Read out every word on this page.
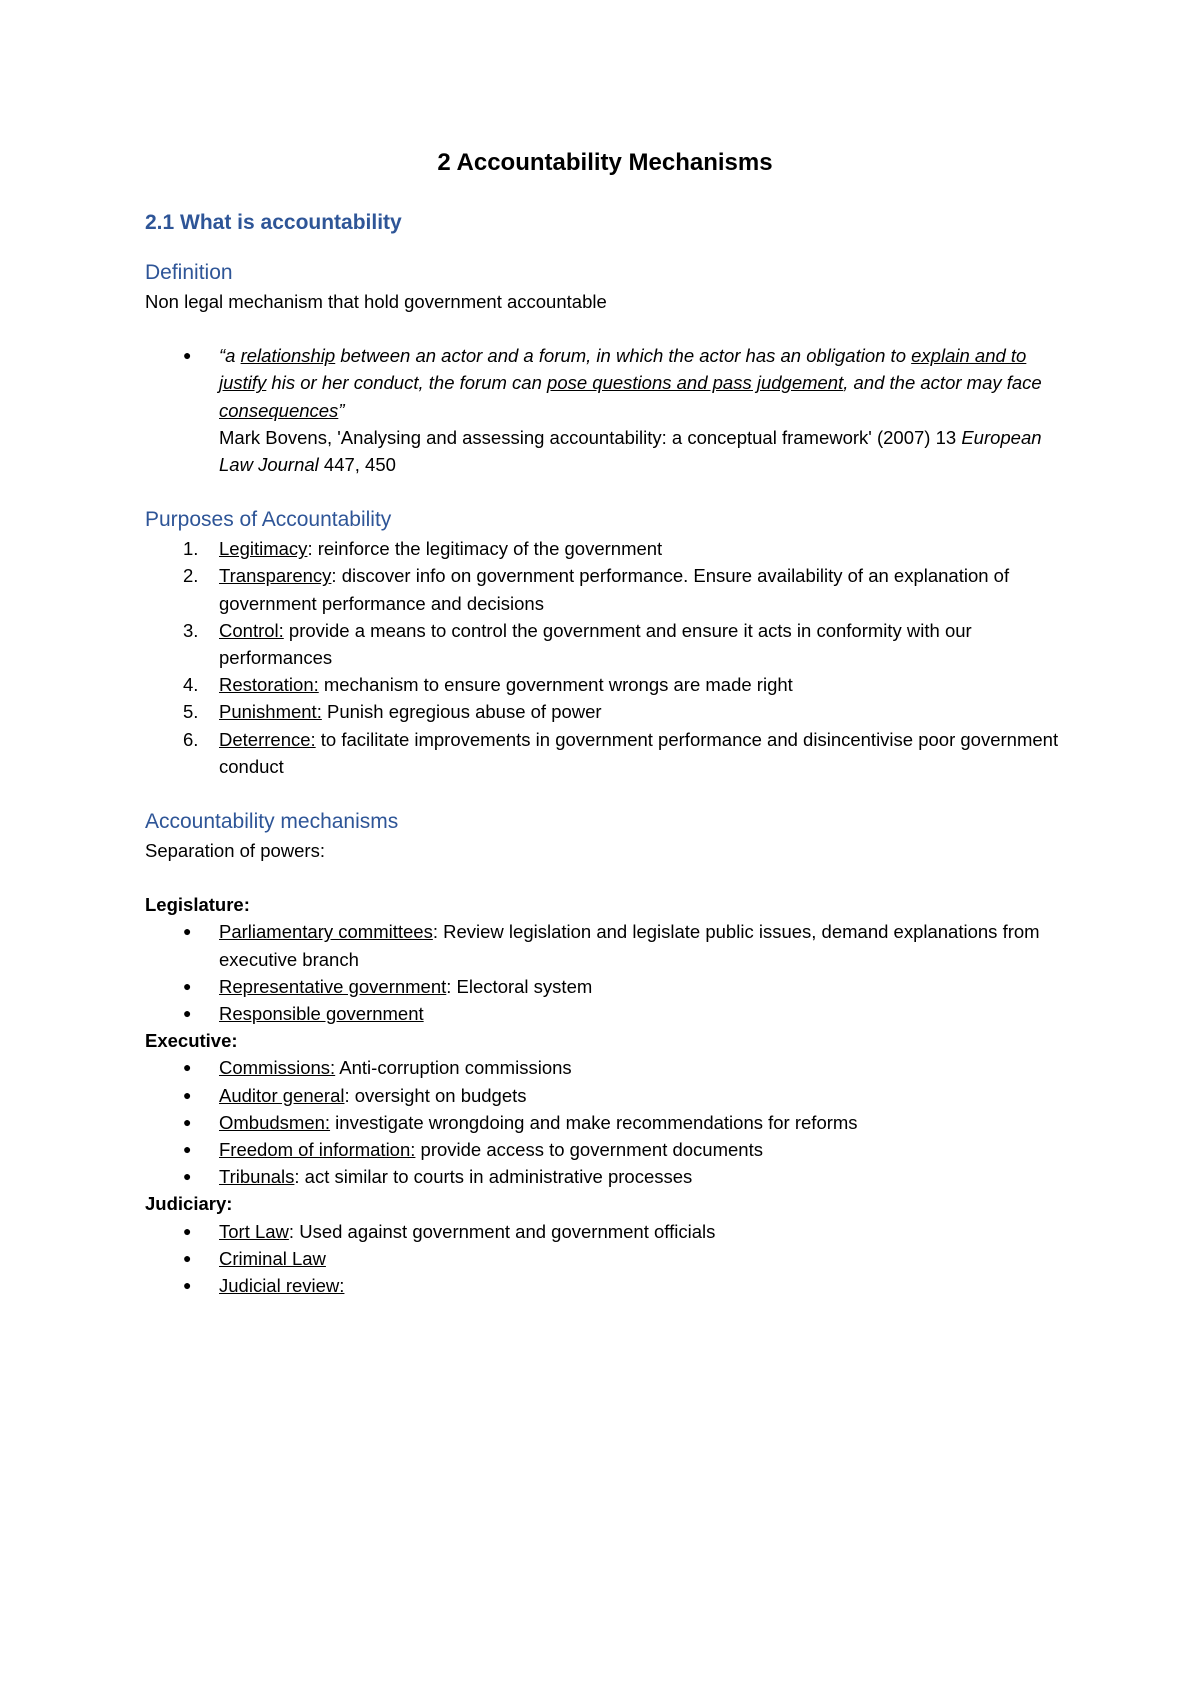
2 Accountability Mechanisms
2.1 What is accountability
Definition
Non legal mechanism that hold government accountable
● “a relationship between an actor and a forum, in which the actor has an obligation to explain and to justify his or her conduct, the forum can pose questions and pass judgement, and the actor may face consequences”
Mark Bovens, 'Analysing and assessing accountability: a conceptual framework' (2007) 13 European Law Journal 447, 450
Purposes of Accountability
1. Legitimacy: reinforce the legitimacy of the government
2. Transparency: discover info on government performance. Ensure availability of an explanation of government performance and decisions
3. Control: provide a means to control the government and ensure it acts in conformity with our performances
4. Restoration: mechanism to ensure government wrongs are made right
5. Punishment: Punish egregious abuse of power
6. Deterrence: to facilitate improvements in government performance and disincentivise poor government conduct
Accountability mechanisms
Separation of powers:
Legislature:
● Parliamentary committees: Review legislation and legislate public issues, demand explanations from executive branch
● Representative government: Electoral system
● Responsible government
Executive:
● Commissions: Anti-corruption commissions
● Auditor general: oversight on budgets
● Ombudsmen: investigate wrongdoing and make recommendations for reforms
● Freedom of information: provide access to government documents
● Tribunals: act similar to courts in administrative processes
Judiciary:
● Tort Law: Used against government and government officials
● Criminal Law
● Judicial review:
